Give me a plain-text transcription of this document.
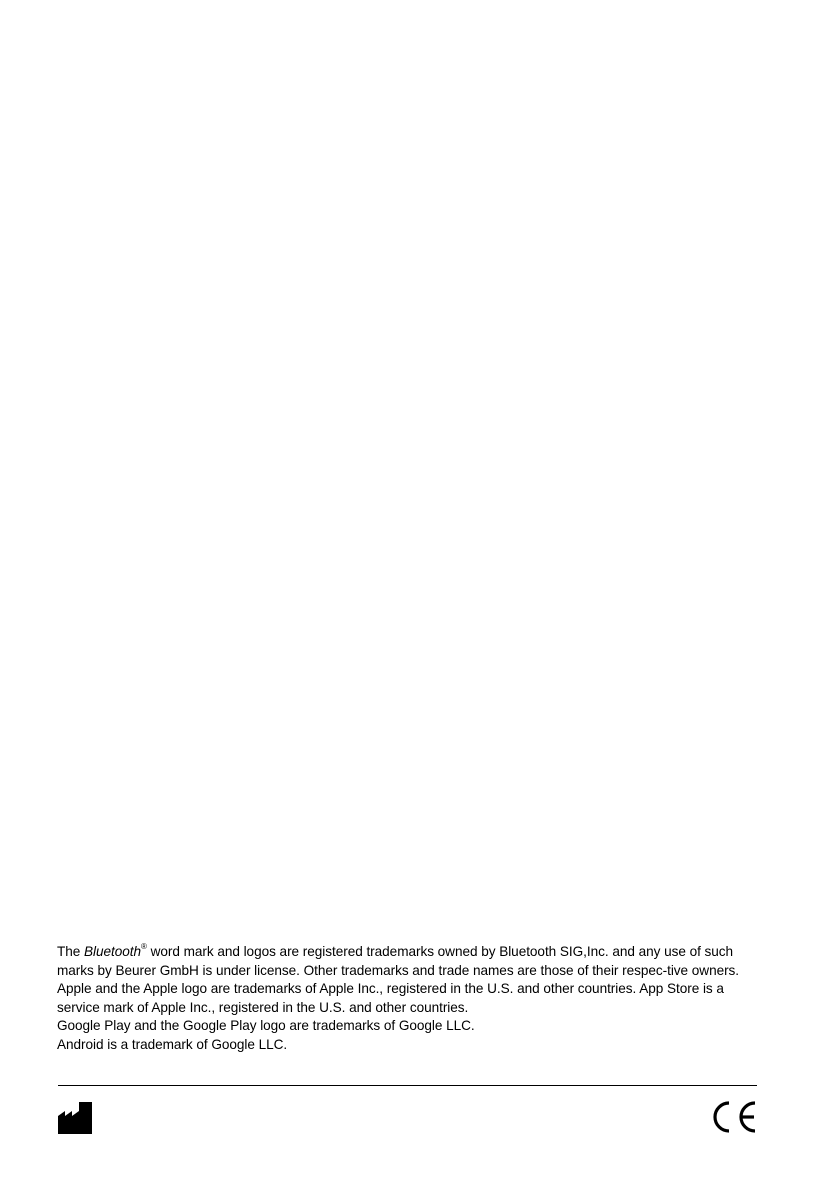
The Bluetooth® word mark and logos are registered trademarks owned by Bluetooth SIG,Inc. and any use of such marks by Beurer GmbH is under license. Other trademarks and trade names are those of their respec-tive owners.

Apple and the Apple logo are trademarks of Apple Inc., registered in the U.S. and other countries. App Store is a service mark of Apple Inc., registered in the U.S. and other countries.

Google Play and the Google Play logo are trademarks of Google LLC.

Android is a trademark of Google LLC.
